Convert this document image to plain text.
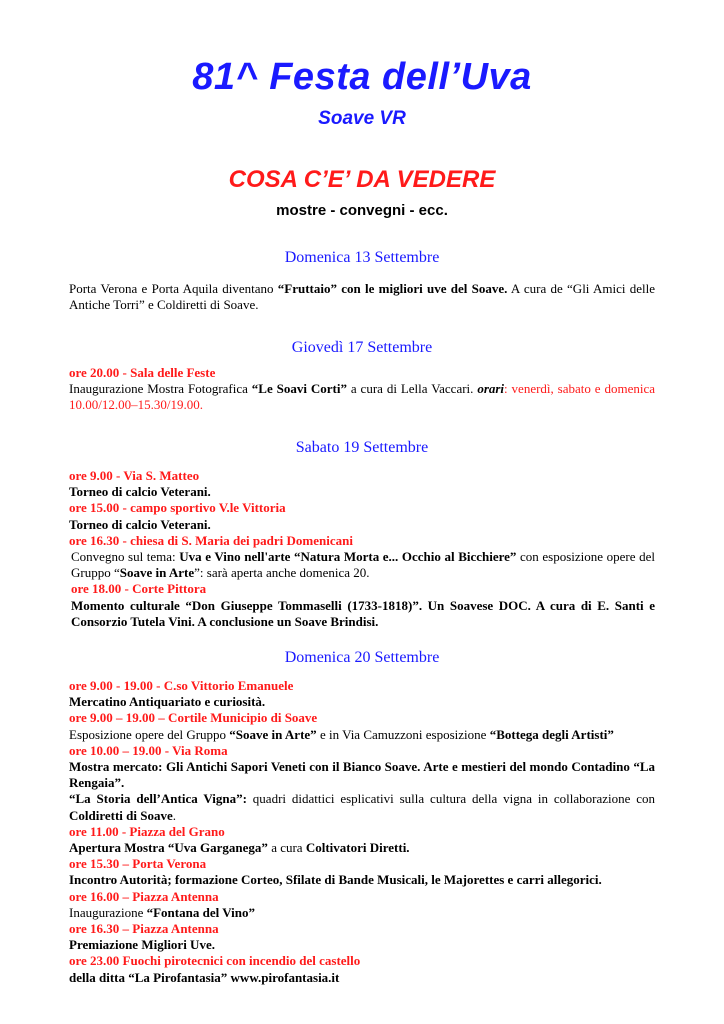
81^ Festa dell’Uva
Soave VR
COSA C’E’ DA VEDERE
mostre - convegni - ecc.
Domenica 13 Settembre
Porta Verona e Porta Aquila diventano “Fruttaio” con le migliori uve del Soave. A cura de “Gli Amici delle Antiche Torri” e Coldiretti di Soave.
Giovedì 17 Settembre
ore 20.00 - Sala delle Feste
Inaugurazione Mostra Fotografica “Le Soavi Corti” a cura di Lella Vaccari. orari: venerdì, sabato e domenica 10.00/12.00–15.30/19.00.
Sabato 19 Settembre
ore 9.00 - Via S. Matteo
Torneo di calcio Veterani.
ore 15.00 - campo sportivo V.le Vittoria
Torneo di calcio Veterani.
ore 16.30 - chiesa di S. Maria dei padri Domenicani
Convegno sul tema: Uva e Vino nell'arte “Natura Morta e... Occhio al Bicchiere” con esposizione opere del Gruppo “Soave in Arte”: sarà aperta anche domenica 20.
ore 18.00 - Corte Pittora
Momento culturale “Don Giuseppe Tommaselli (1733-1818)”. Un Soavese DOC. A cura di E. Santi e Consorzio Tutela Vini. A conclusione un Soave Brindisi.
Domenica 20 Settembre
ore 9.00 - 19.00 - C.so Vittorio Emanuele
Mercatino Antiquariato e curiosità.
ore 9.00 – 19.00 – Cortile Municipio di Soave
Esposizione opere del Gruppo “Soave in Arte” e in Via Camuzzoni esposizione “Bottega degli Artisti”
ore 10.00 – 19.00 - Via Roma
Mostra mercato: Gli Antichi Sapori Veneti con il Bianco Soave. Arte e mestieri del mondo Contadino “La Rengaia”.
“La Storia dell’Antica Vigna”: quadri didattici esplicativi sulla cultura della vigna in collaborazione con Coldiretti di Soave.
ore 11.00 - Piazza del Grano
Apertura Mostra “Uva Garganega” a cura Coltivatori Diretti.
ore 15.30 – Porta Verona
Incontro Autorità; formazione Corteo, Sfilate di Bande Musicali, le Majorettes e carri allegorici.
ore 16.00 – Piazza Antenna
Inaugurazione “Fontana del Vino”
ore 16.30 – Piazza Antenna
Premiazione Migliori Uve.
ore 23.00 Fuochi pirotecnici con incendio del castello
della ditta “La Pirofantasia” www.pirofantasia.it
